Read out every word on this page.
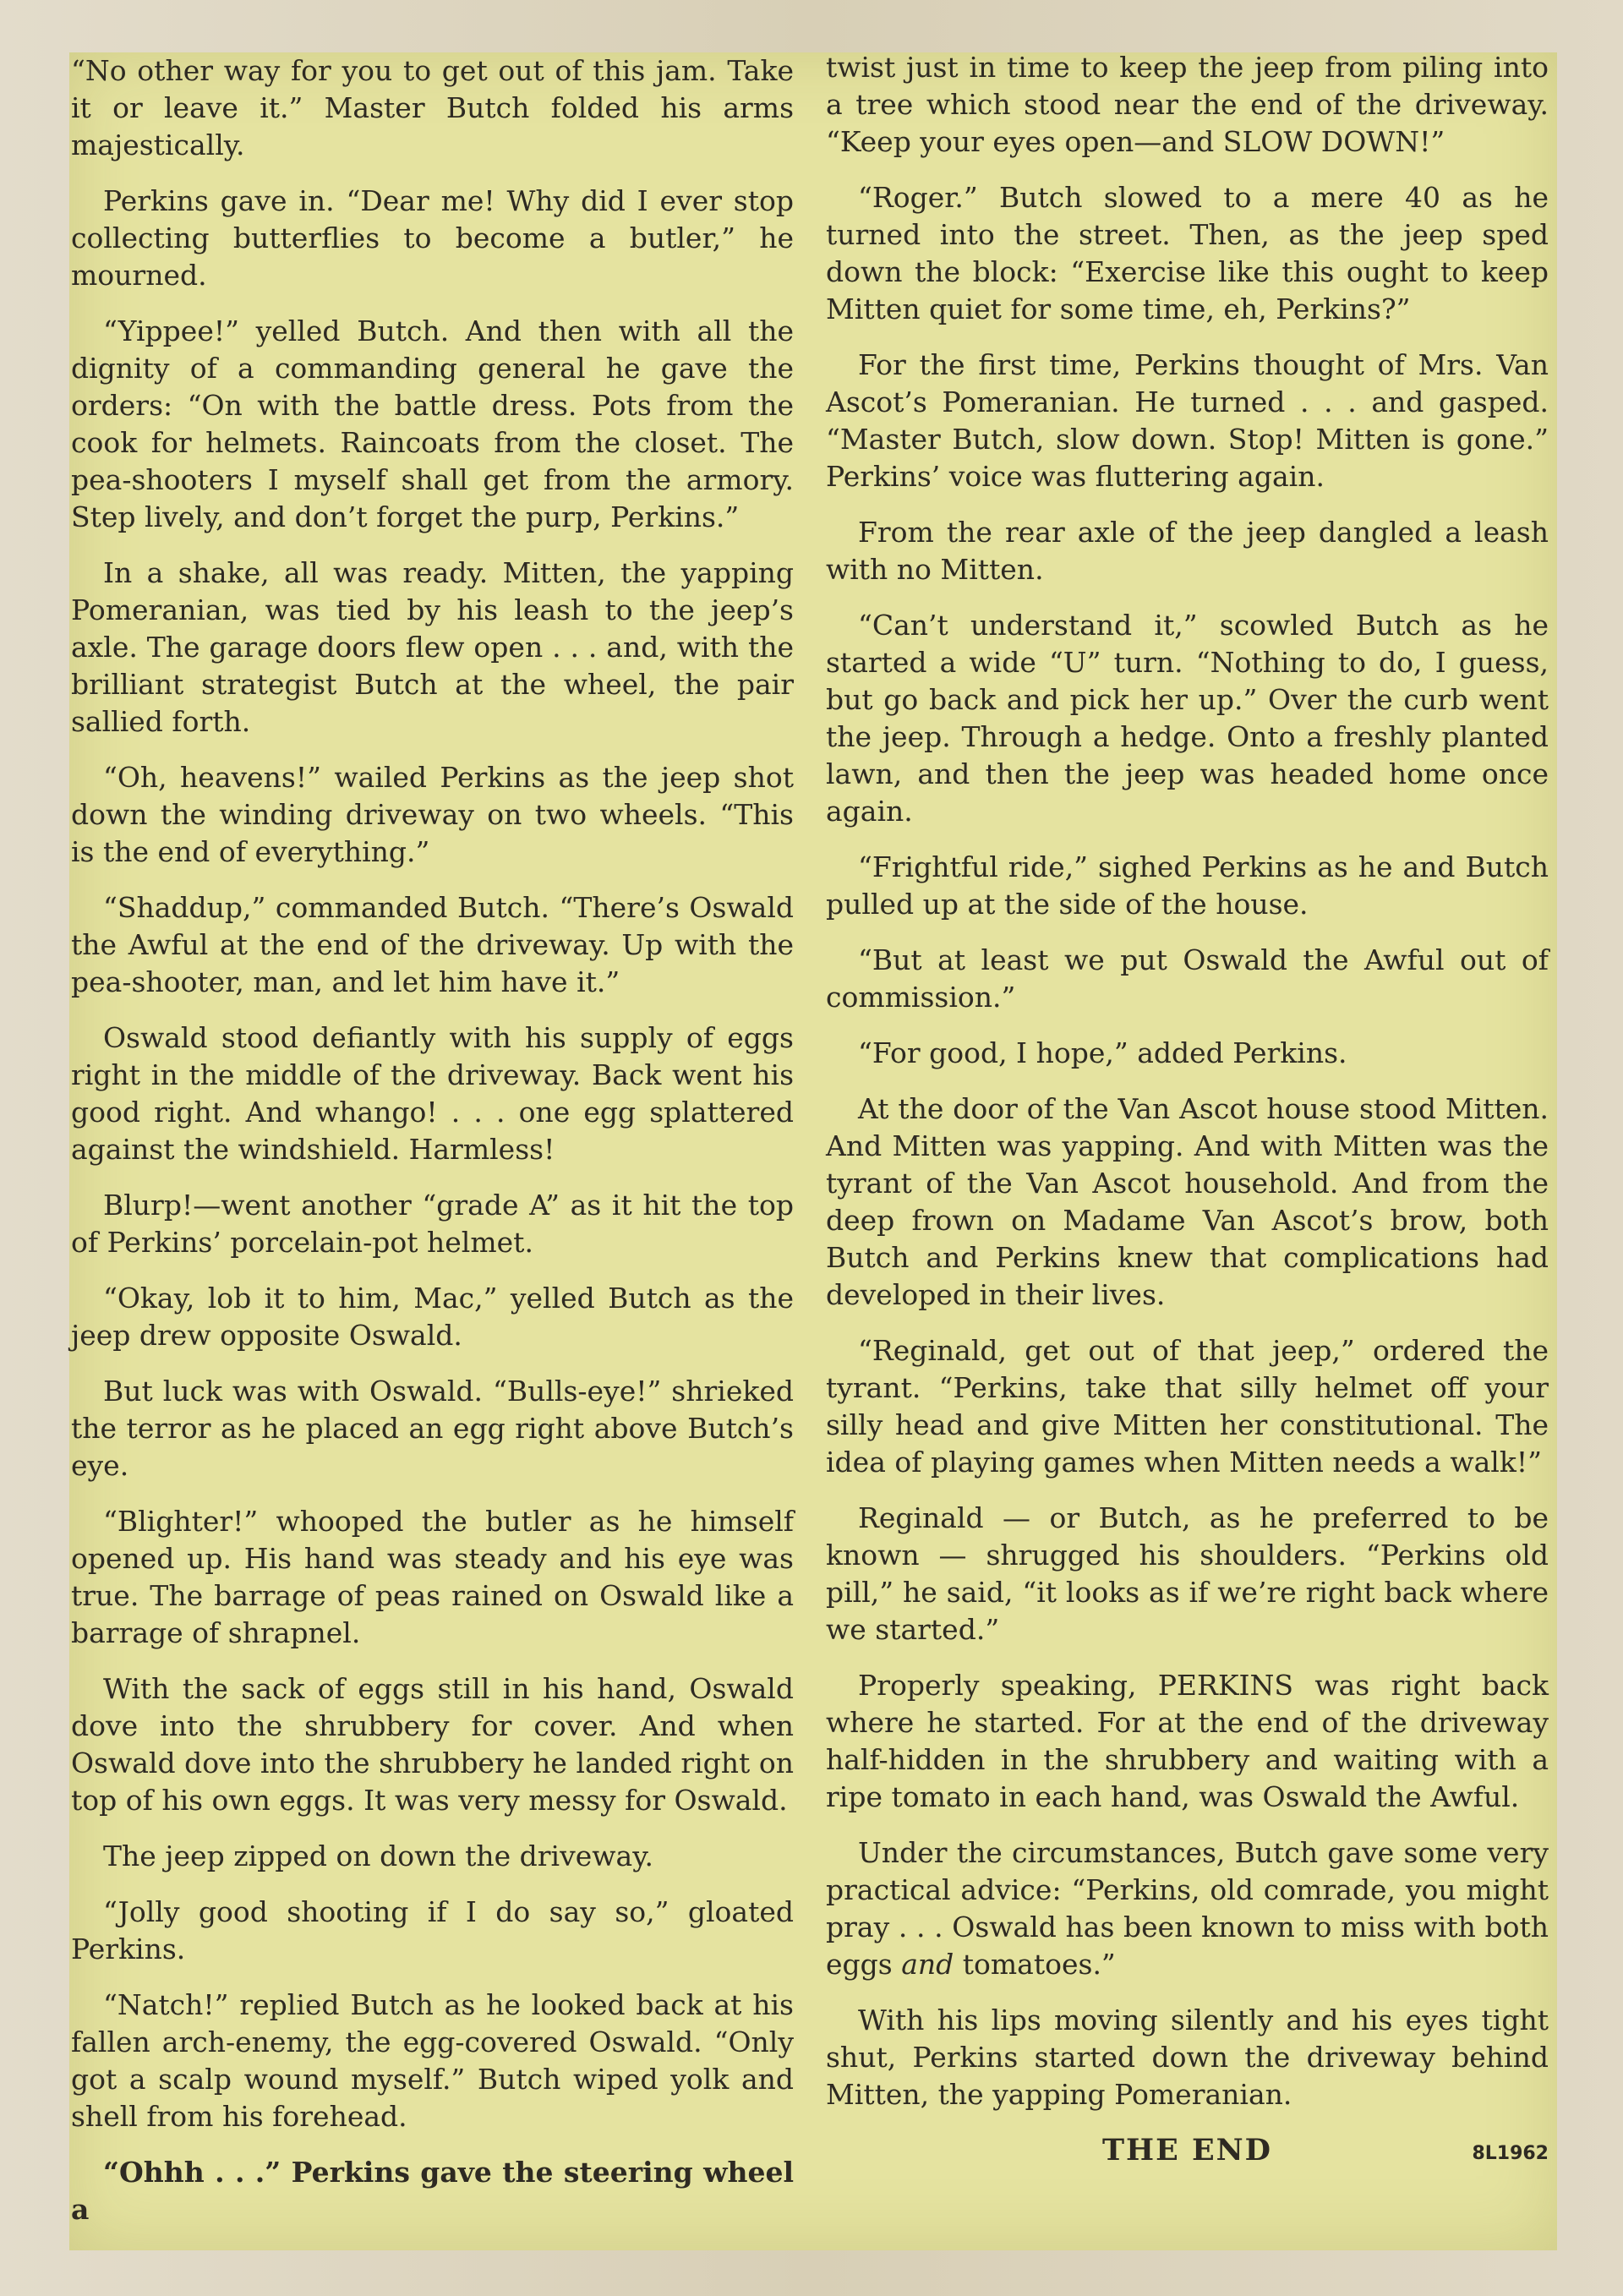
“No other way for you to get out of this jam. Take it or leave it.” Master Butch folded his arms majestically.

Perkins gave in. “Dear me! Why did I ever stop collecting butterflies to become a butler,” he mourned.

“Yippee!” yelled Butch. And then with all the dignity of a commanding general he gave the orders: “On with the battle dress. Pots from the cook for helmets. Raincoats from the closet. The pea-shooters I myself shall get from the armory. Step lively, and don’t forget the purp, Perkins.”

In a shake, all was ready. Mitten, the yapping Pomeranian, was tied by his leash to the jeep’s axle. The garage doors flew open . . . and, with the brilliant strategist Butch at the wheel, the pair sallied forth.

“Oh, heavens!” wailed Perkins as the jeep shot down the winding driveway on two wheels. “This is the end of everything.”

“Shaddup,” commanded Butch. “There’s Oswald the Awful at the end of the driveway. Up with the pea-shooter, man, and let him have it.”

Oswald stood defiantly with his supply of eggs right in the middle of the driveway. Back went his good right. And whango! . . . one egg splattered against the windshield. Harmless!

Blurp!—went another “grade A” as it hit the top of Perkins’ porcelain-pot helmet.

“Okay, lob it to him, Mac,” yelled Butch as the jeep drew opposite Oswald.

But luck was with Oswald. “Bulls-eye!” shrieked the terror as he placed an egg right above Butch’s eye.

“Blighter!” whooped the butler as he himself opened up. His hand was steady and his eye was true. The barrage of peas rained on Oswald like a barrage of shrapnel.

With the sack of eggs still in his hand, Oswald dove into the shrubbery for cover. And when Oswald dove into the shrubbery he landed right on top of his own eggs. It was very messy for Oswald.

The jeep zipped on down the driveway.

“Jolly good shooting if I do say so,” gloated Perkins.

“Natch!” replied Butch as he looked back at his fallen arch-enemy, the egg-covered Oswald. “Only got a scalp wound myself.” Butch wiped yolk and shell from his forehead.

“Ohhh . . .” Perkins gave the steering wheel a

twist just in time to keep the jeep from piling into a tree which stood near the end of the driveway. “Keep your eyes open—and SLOW DOWN!”

“Roger.” Butch slowed to a mere 40 as he turned into the street. Then, as the jeep sped down the block: “Exercise like this ought to keep Mitten quiet for some time, eh, Perkins?”

For the first time, Perkins thought of Mrs. Van Ascot’s Pomeranian. He turned . . . and gasped. “Master Butch, slow down. Stop! Mitten is gone.” Perkins’ voice was fluttering again.

From the rear axle of the jeep dangled a leash with no Mitten.

“Can’t understand it,” scowled Butch as he started a wide “U” turn. “Nothing to do, I guess, but go back and pick her up.” Over the curb went the jeep. Through a hedge. Onto a freshly planted lawn, and then the jeep was headed home once again.

“Frightful ride,” sighed Perkins as he and Butch pulled up at the side of the house.

“But at least we put Oswald the Awful out of commission.”

“For good, I hope,” added Perkins.

At the door of the Van Ascot house stood Mitten. And Mitten was yapping. And with Mitten was the tyrant of the Van Ascot household. And from the deep frown on Madame Van Ascot’s brow, both Butch and Perkins knew that complications had developed in their lives.

“Reginald, get out of that jeep,” ordered the tyrant. “Perkins, take that silly helmet off your silly head and give Mitten her constitutional. The idea of playing games when Mitten needs a walk!”

Reginald — or Butch, as he preferred to be known — shrugged his shoulders. “Perkins old pill,” he said, “it looks as if we’re right back where we started.”

Properly speaking, PERKINS was right back where he started. For at the end of the driveway half-hidden in the shrubbery and waiting with a ripe tomato in each hand, was Oswald the Awful.

Under the circumstances, Butch gave some very practical advice: “Perkins, old comrade, you might pray . . . Oswald has been known to miss with both eggs and tomatoes.”

With his lips moving silently and his eyes tight shut, Perkins started down the driveway behind Mitten, the yapping Pomeranian.

THE END	8L1962
